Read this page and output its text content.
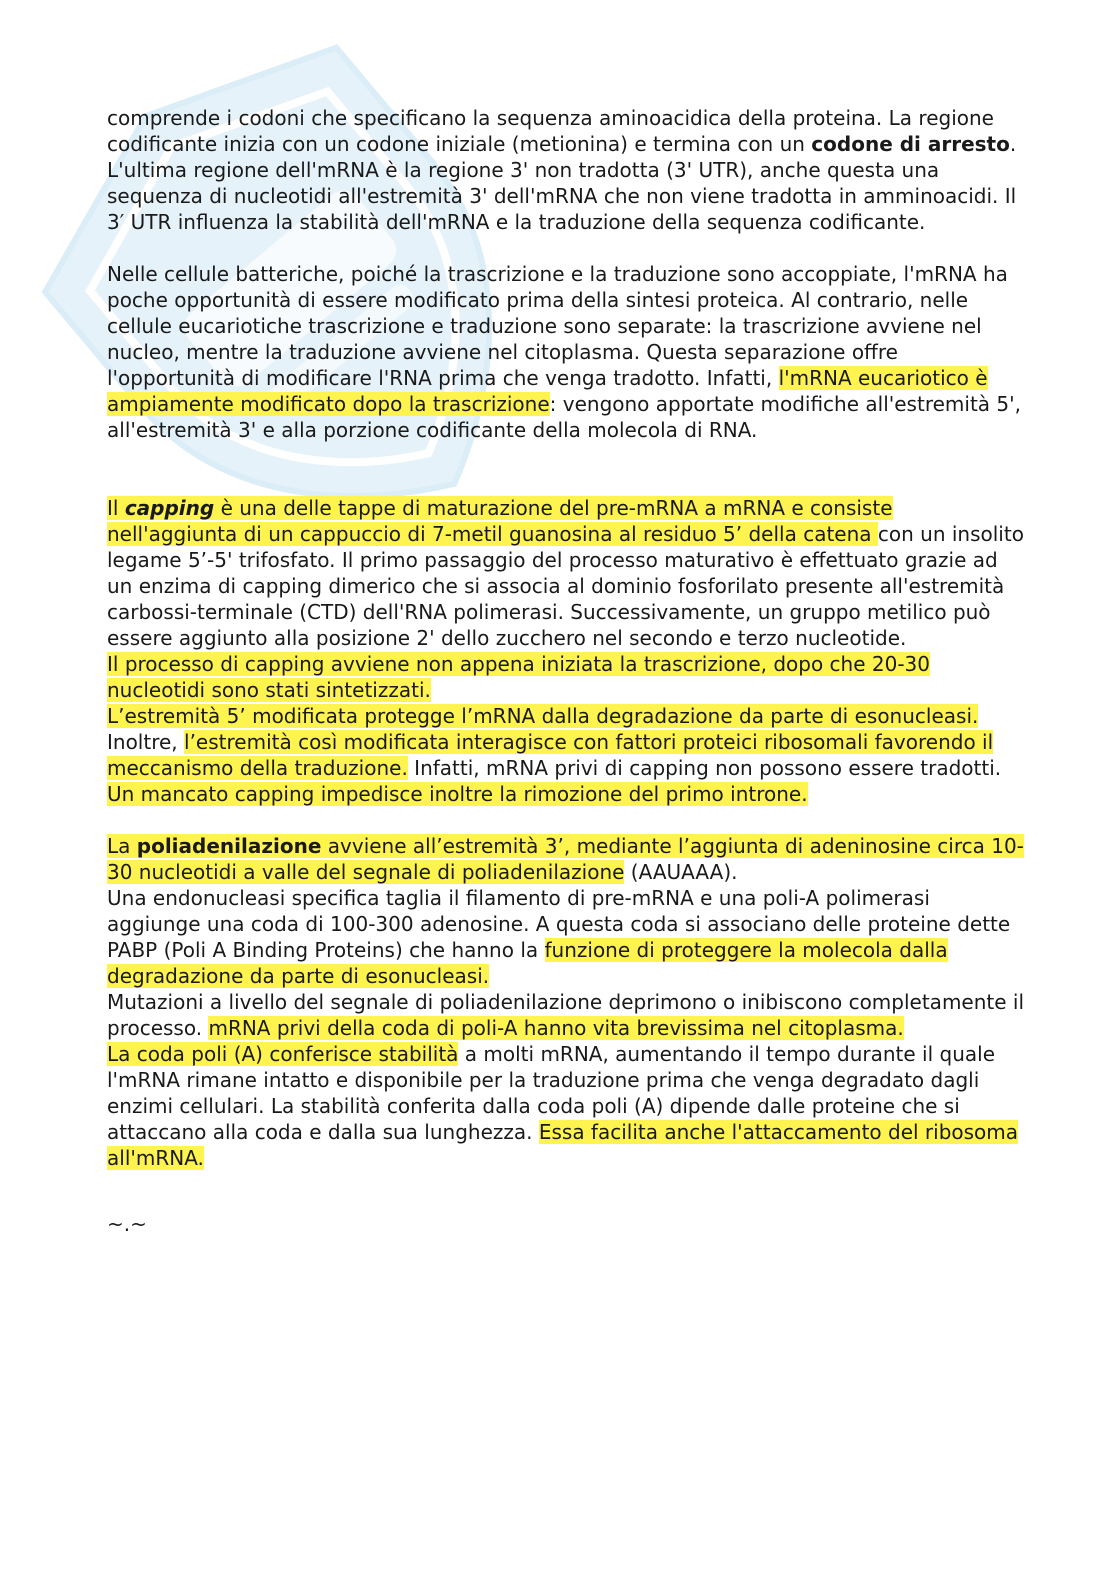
comprende i codoni che specificano la sequenza aminoacidica della proteina. La regione codificante inizia con un codone iniziale (metionina) e termina con un codone di arresto.

L'ultima regione dell'mRNA è la regione 3' non tradotta (3' UTR), anche questa una sequenza di nucleotidi all'estremità 3' dell'mRNA che non viene tradotta in amminoacidi. Il 3′ UTR influenza la stabilità dell'mRNA e la traduzione della sequenza codificante.

Nelle cellule batteriche, poiché la trascrizione e la traduzione sono accoppiate, l'mRNA ha poche opportunità di essere modificato prima della sintesi proteica. Al contrario, nelle cellule eucariotiche trascrizione e traduzione sono separate: la trascrizione avviene nel nucleo, mentre la traduzione avviene nel citoplasma. Questa separazione offre l'opportunità di modificare l'RNA prima che venga tradotto. Infatti, l'mRNA eucariotico è ampiamente modificato dopo la trascrizione: vengono apportate modifiche all'estremità 5', all'estremità 3' e alla porzione codificante della molecola di RNA.

Il capping è una delle tappe di maturazione del pre-mRNA a mRNA e consiste nell'aggiunta di un cappuccio di 7-metil guanosina al residuo 5’ della catena con un insolito legame 5’-5' trifosfato. Il primo passaggio del processo maturativo è effettuato grazie ad un enzima di capping dimerico che si associa al dominio fosforilato presente all'estremità carbossi-terminale (CTD) dell'RNA polimerasi. Successivamente, un gruppo metilico può essere aggiunto alla posizione 2' dello zucchero nel secondo e terzo nucleotide.

Il processo di capping avviene non appena iniziata la trascrizione, dopo che 20-30 nucleotidi sono stati sintetizzati.

L’estremità 5’ modificata protegge l’mRNA dalla degradazione da parte di esonucleasi.

Inoltre, l’estremità così modificata interagisce con fattori proteici ribosomali favorendo il meccanismo della traduzione. Infatti, mRNA privi di capping non possono essere tradotti. Un mancato capping impedisce inoltre la rimozione del primo introne.

La poliadenilazione avviene all’estremità 3’, mediante l’aggiunta di adeninosine circa 10-30 nucleotidi a valle del segnale di poliadenilazione (AAUAAA).

Una endonucleasi specifica taglia il filamento di pre-mRNA e una poli-A polimerasi aggiunge una coda di 100-300 adenosine. A questa coda si associano delle proteine dette PABP (Poli A Binding Proteins) che hanno la funzione di proteggere la molecola dalla degradazione da parte di esonucleasi.

Mutazioni a livello del segnale di poliadenilazione deprimono o inibiscono completamente il processo. mRNA privi della coda di poli-A hanno vita brevissima nel citoplasma.

La coda poli (A) conferisce stabilità a molti mRNA, aumentando il tempo durante il quale l'mRNA rimane intatto e disponibile per la traduzione prima che venga degradato dagli enzimi cellulari. La stabilità conferita dalla coda poli (A) dipende dalle proteine che si attaccano alla coda e dalla sua lunghezza. Essa facilita anche l'attaccamento del ribosoma all'mRNA.

~.~
